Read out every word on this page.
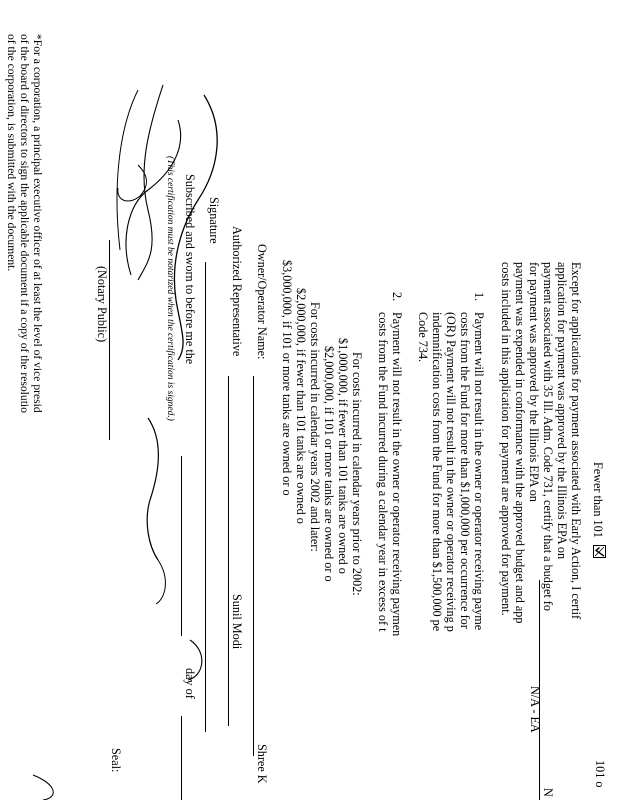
Fewer than 101
101 o
Except for applications for payment associated with Early Action, I certif
application for payment was approved by the Illinois EPA on
payment associated with 35 Ill. Adm. Code 731, certify that a budget fo
for payment was approved by the Illinois EPA on
payment was expended in conformance with the approved budget and app
costs included in this application for payment are approved for payment.
N
N/A - EA
1.
Payment will not result in the owner or operator receiving payme
costs from the Fund for more than $1,000,000 per occurrence for
(OR) Payment will not result in the owner or operator receiving p
indemnification costs from the Fund for more than $1,500,000 pe
Code 734.
2.
Payment will not result in the owner or operator receiving paymen
costs from the Fund incurred during a calendar year in excess of t
For costs incurred in calendar years prior to 2002:
$1,000,000, if fewer than 101 tanks are owned o
$2,000,000, if 101 or more tanks are owned or o
For costs incurred in calendar years 2002 and later:
$2,000,000, if fewer than 101 tanks are owned o
$3,000,000, if 101 or more tanks are owned or o
Owner/Operator Name:
Shree K
Authorized Representative
Sunil Modi
Signature
Subscribed and sworn to before me the
day of
(This certification must be notarized when the certification is signed.)
Seal:
(Notary Public)
*For a corporation, a principal executive officer of at least the level of vice presid
of the board of directors to sign the applicable document if a copy of the resolutio
of the corporation, is submitted with the document.
